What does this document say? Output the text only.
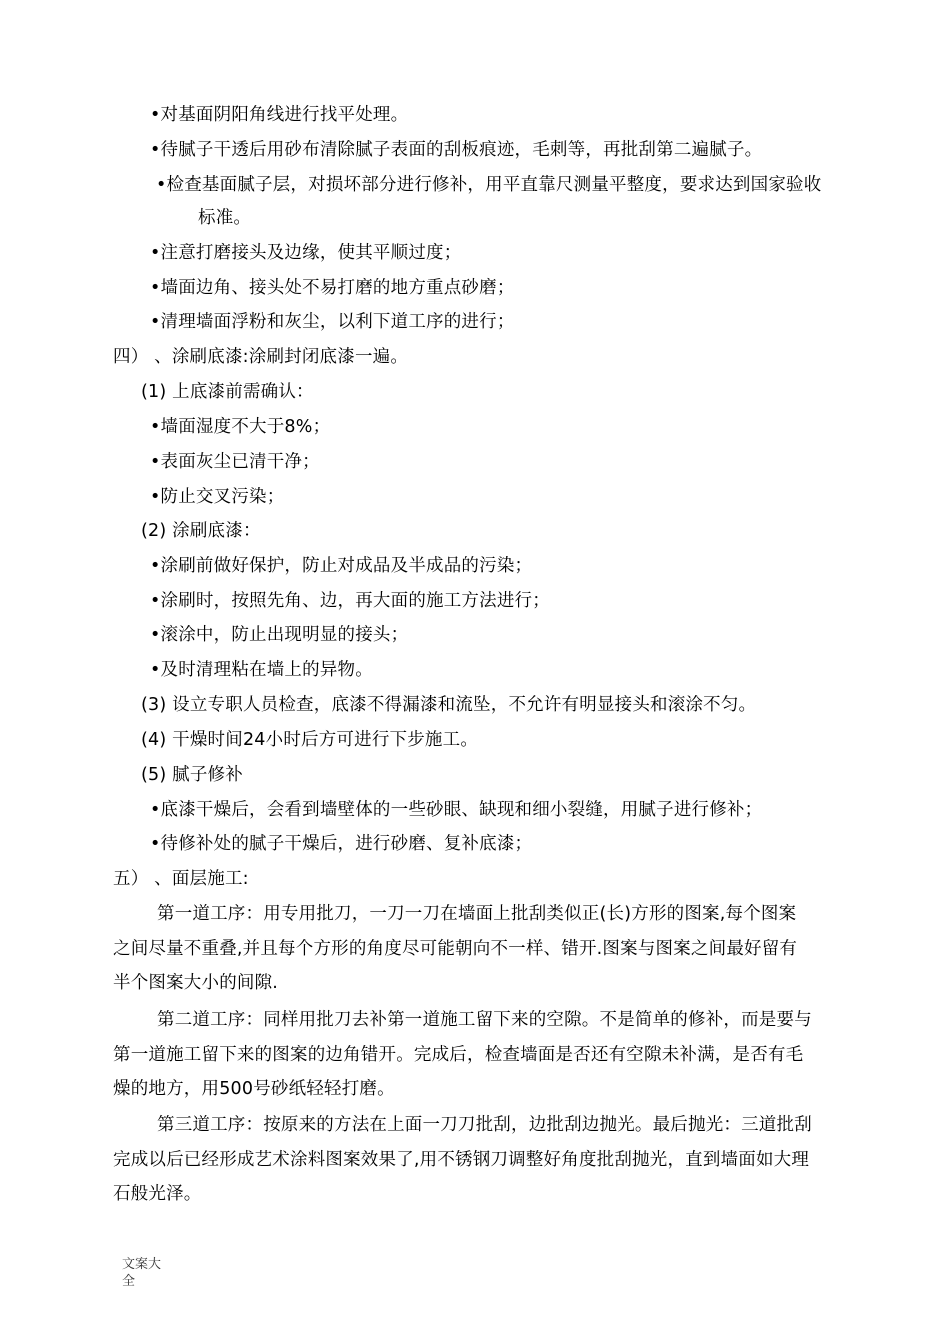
•对基面阴阳角线进行找平处理。
•待腻子干透后用砂布清除腻子表面的刮板痕迹，毛刺等，再批刮第二遍腻子。
•检查基面腻子层，对损坏部分进行修补，用平直靠尺测量平整度，要求达到国家验收
标准。
•注意打磨接头及边缘，使其平顺过度；
•墙面边角、接头处不易打磨的地方重点砂磨；
•清理墙面浮粉和灰尘，以利下道工序的进行；
四） 、涂刷底漆:涂刷封闭底漆一遍。
(1) 上底漆前需确认：
•墙面湿度不大于8%；
•表面灰尘已清干净；
•防止交叉污染；
(2) 涂刷底漆：
•涂刷前做好保护，防止对成品及半成品的污染；
•涂刷时，按照先角、边，再大面的施工方法进行；
•滚涂中，防止出现明显的接头；
•及时清理粘在墙上的异物。
(3) 设立专职人员检查，底漆不得漏漆和流坠，不允许有明显接头和滚涂不匀。
(4) 干燥时间24小时后方可进行下步施工。
(5) 腻子修补
•底漆干燥后，会看到墙壁体的一些砂眼、缺现和细小裂缝，用腻子进行修补；
•待修补处的腻子干燥后，进行砂磨、复补底漆；
五） 、面层施工:
第一道工序：用专用批刀，一刀一刀在墙面上批刮类似正(长)方形的图案,每个图案
之间尽量不重叠,并且每个方形的角度尽可能朝向不一样、错开.图案与图案之间最好留有
半个图案大小的间隙.
第二道工序：同样用批刀去补第一道施工留下来的空隙。不是简单的修补，而是要与
第一道施工留下来的图案的边角错开。完成后，检查墙面是否还有空隙未补满，是否有毛
燥的地方，用500号砂纸轻轻打磨。
第三道工序：按原来的方法在上面一刀刀批刮，边批刮边抛光。最后抛光：三道批刮
完成以后已经形成艺术涂料图案效果了,用不锈钢刀调整好角度批刮抛光，直到墙面如大理
石般光泽。
文案大全
